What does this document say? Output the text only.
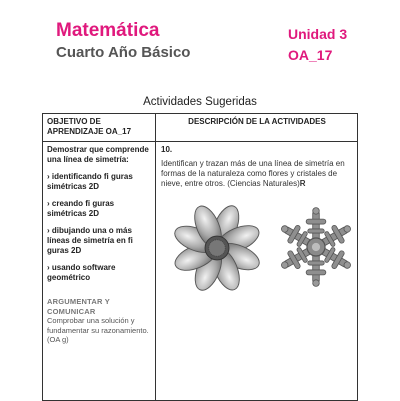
Matemática
Cuarto Año Básico
Unidad 3
OA_17
Actividades Sugeridas
OBJETIVO DE APRENDIZAJE OA_17
DESCRIPCIÓN DE LA ACTIVIDADES

Demostrar que comprende una línea de simetría:

› identificando fi guras simétricas 2D

› creando fi guras simétricas 2D

› dibujando una o más líneas de simetría en fi guras 2D

› usando software geométrico

ARGUMENTAR Y COMUNICAR
Comprobar una solución y fundamentar su razonamiento. (OA g)
10.
Identifican y trazan más de una línea de simetría en formas de la naturaleza como flores y cristales de nieve, entre otros. (Ciencias Naturales)R
